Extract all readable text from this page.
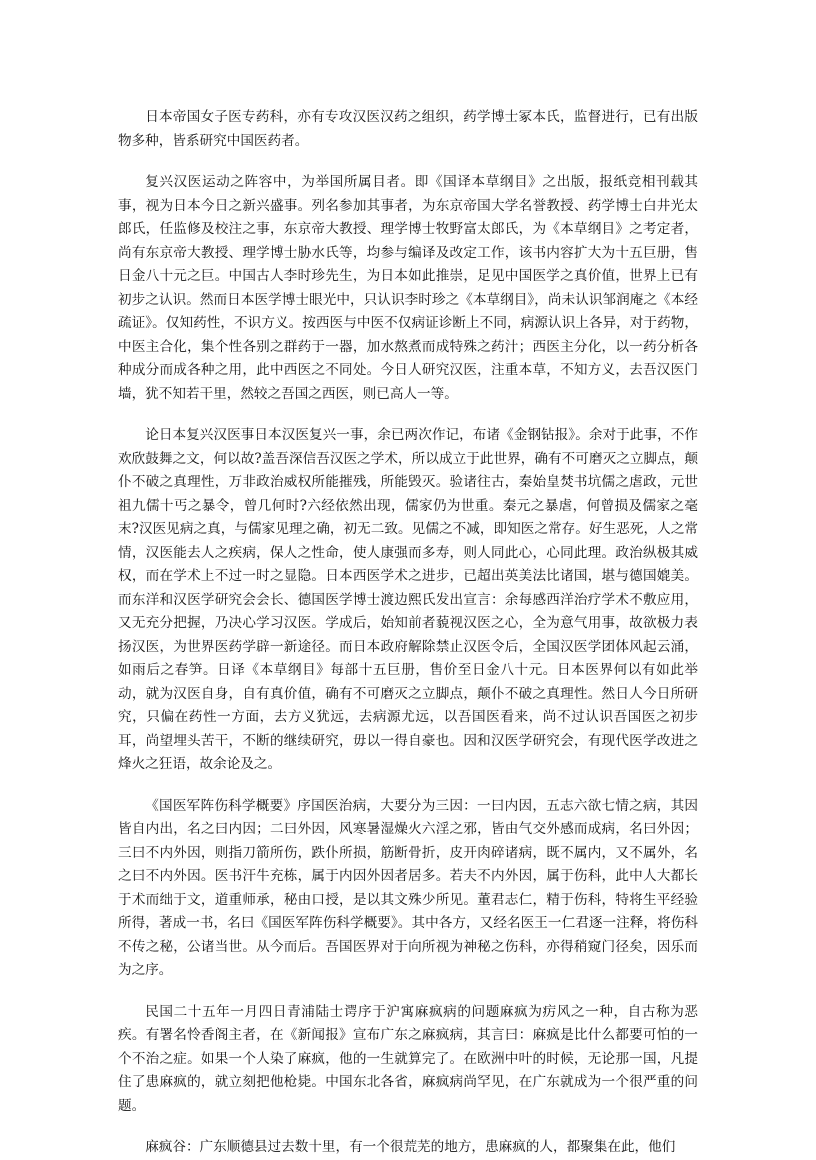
日本帝国女子医专药科，亦有专攻汉医汉药之组织，药学博士冢本氏，监督进行，已有出版物多种，皆系研究中国医药者。

复兴汉医运动之阵容中，为举国所属目者。即《国译本草纲目》之出版，报纸竞相刊载其事，视为日本今日之新兴盛事。列名参加其事者，为东京帝国大学名誉教授、药学博士白井光太郎氏，任监修及校注之事，东京帝大教授、理学博士牧野富太郎氏，为《本草纲目》之考定者，尚有东京帝大教授、理学博士胁水氏等，均参与编译及改定工作，该书内容扩大为十五巨册，售日金八十元之巨。中国古人李时珍先生，为日本如此推崇，足见中国医学之真价值，世界上已有初步之认识。然而日本医学博士眼光中，只认识李时珍之《本草纲目》，尚未认识邹润庵之《本经疏证》。仅知药性，不识方义。按西医与中医不仅病证诊断上不同，病源认识上各异，对于药物，中医主合化，集个性各别之群药于一器，加水熬煮而成特殊之药汁；西医主分化，以一药分析各种成分而成各种之用，此中西医之不同处。今日人研究汉医，注重本草，不知方义，去吾汉医门墙，犹不知若干里，然较之吾国之西医，则已高人一等。

论日本复兴汉医事日本汉医复兴一事，余已两次作记，布诸《金钢钻报》。余对于此事，不作欢欣鼓舞之文，何以故?盖吾深信吾汉医之学术，所以成立于此世界，确有不可磨灭之立脚点，颠仆不破之真理性，万非政治威权所能摧残，所能毁灭。验诸往古，秦始皇焚书坑儒之虐政，元世祖九儒十丐之暴令，曾几何时?六经依然出现，儒家仍为世重。秦元之暴虐，何曾损及儒家之毫末?汉医见病之真，与儒家见理之确，初无二致。见儒之不减，即知医之常存。好生恶死，人之常情，汉医能去人之疾病，保人之性命，使人康强而多寿，则人同此心，心同此理。政治纵极其威权，而在学术上不过一时之显隐。日本西医学术之进步，已超出英美法比诸国，堪与德国媲美。而东洋和汉医学研究会会长、德国医学博士渡边熙氏发出宣言：余每感西洋治疗学术不敷应用，又无充分把握，乃决心学习汉医。学成后，始知前者藐视汉医之心，全为意气用事，故欲极力表扬汉医，为世界医药学辟一新途径。而日本政府解除禁止汉医令后，全国汉医学团体风起云涌，如雨后之春笋。日译《本草纲目》每部十五巨册，售价至日金八十元。日本医界何以有如此举动，就为汉医自身，自有真价值，确有不可磨灭之立脚点，颠仆不破之真理性。然日人今日所研究，只偏在药性一方面，去方义犹远，去病源尤远，以吾国医看来，尚不过认识吾国医之初步耳，尚望埋头苦干，不断的继续研究，毋以一得自豪也。因和汉医学研究会，有现代医学改进之烽火之狂语，故余论及之。

《国医军阵伤科学概要》序国医治病，大要分为三因：一曰内因，五志六欲七情之病，其因皆自内出，名之曰内因；二曰外因，风寒暑湿燥火六淫之邪，皆由气交外感而成病，名曰外因；三曰不内外因，则指刀箭所伤，跌仆所损，筋断骨折，皮开肉碎诸病，既不属内，又不属外，名之曰不内外因。医书汗牛充栋，属于内因外因者居多。若夫不内外因，属于伤科，此中人大都长于术而绌于文，道重师承，秘由口授，是以其文殊少所见。董君志仁，精于伤科，特将生平经验所得，著成一书，名曰《国医军阵伤科学概要》。其中各方，又经名医王一仁君逐一注释，将伤科不传之秘，公诸当世。从今而后。吾国医界对于向所视为神秘之伤科，亦得稍窥门径矣，因乐而为之序。

民国二十五年一月四日青浦陆士谔序于沪寓麻疯病的问题麻疯为疠风之一种，自古称为恶疾。有署名怜香阁主者，在《新闻报》宣布广东之麻疯病，其言曰：麻疯是比什么都要可怕的一个不治之症。如果一个人染了麻疯，他的一生就算完了。在欧洲中叶的时候，无论那一国，凡提住了患麻疯的，就立刻把他枪毙。中国东北各省，麻疯病尚罕见，在广东就成为一个很严重的问题。

麻疯谷：广东顺德县过去数十里，有一个很荒芜的地方，患麻疯的人，都聚集在此，他们
